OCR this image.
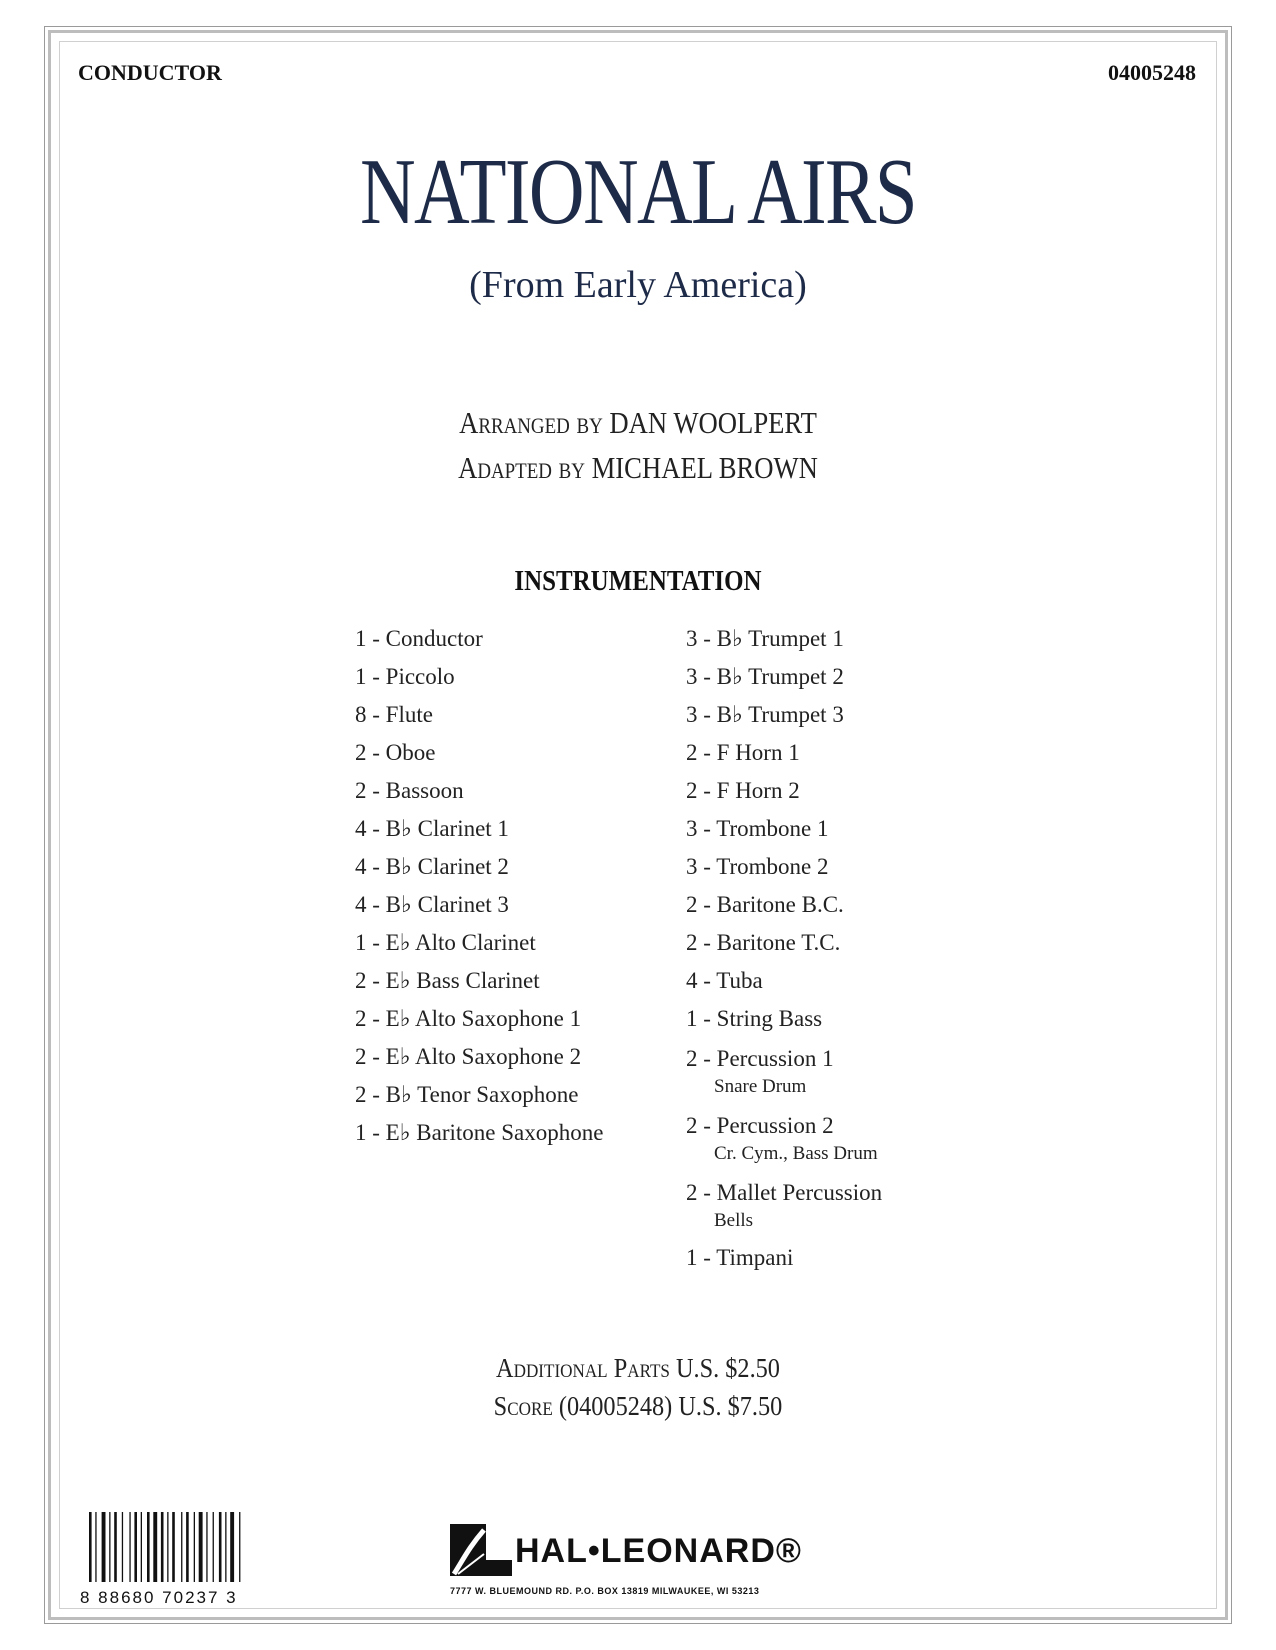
CONDUCTOR	04005248
NATIONAL AIRS
(From Early America)
Arranged by DAN WOOLPERT
Adapted by MICHAEL BROWN
INSTRUMENTATION
1 - Conductor
1 - Piccolo
8 - Flute
2 - Oboe
2 - Bassoon
4 - B♭ Clarinet 1
4 - B♭ Clarinet 2
4 - B♭ Clarinet 3
1 - E♭ Alto Clarinet
2 - E♭ Bass Clarinet
2 - E♭ Alto Saxophone 1
2 - E♭ Alto Saxophone 2
2 - B♭ Tenor Saxophone
1 - E♭ Baritone Saxophone
3 - B♭ Trumpet 1
3 - B♭ Trumpet 2
3 - B♭ Trumpet 3
2 - F Horn 1
2 - F Horn 2
3 - Trombone 1
3 - Trombone 2
2 - Baritone B.C.
2 - Baritone T.C.
4 - Tuba
1 - String Bass
2 - Percussion 1
Snare Drum
2 - Percussion 2
Cr. Cym., Bass Drum
2 - Mallet Percussion
Bells
1 - Timpani
Additional Parts U.S. $2.50
Score (04005248) U.S. $7.50
8 88680 70237 3
HAL•LEONARD®
7777 W. BLUEMOUND RD. P.O. BOX 13819 MILWAUKEE, WI 53213
